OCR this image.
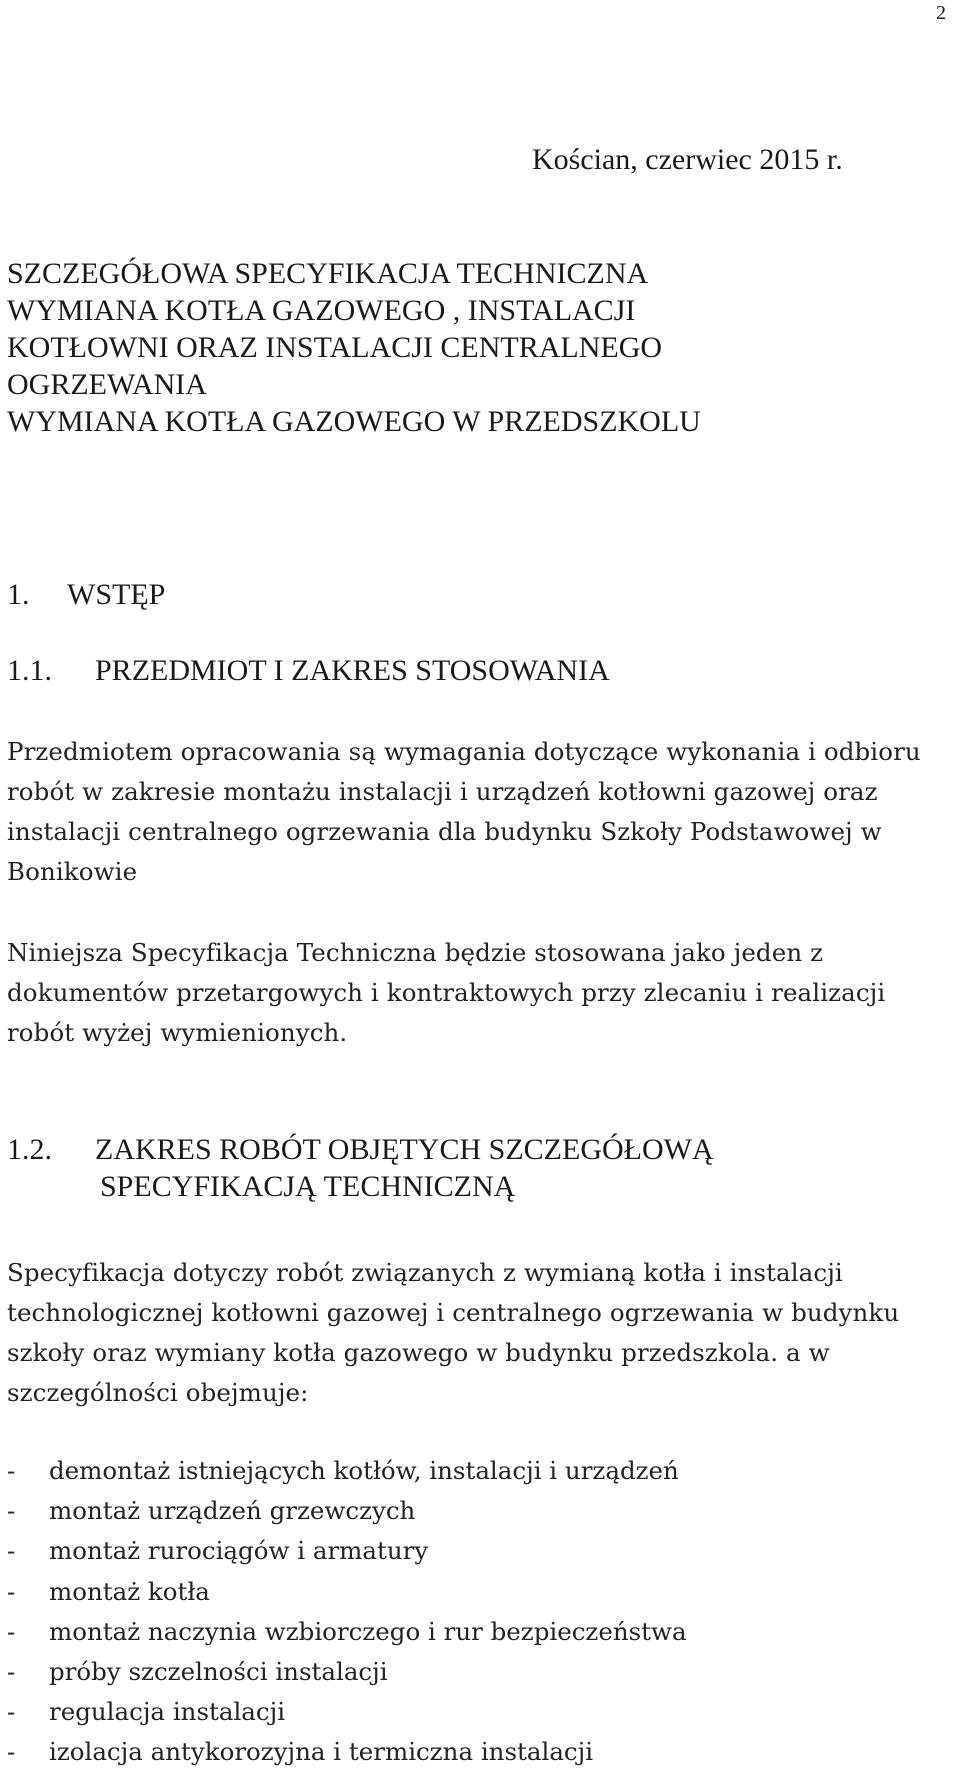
2
Kościan, czerwiec 2015 r.
SZCZEGÓŁOWA SPECYFIKACJA TECHNICZNA
WYMIANA KOTŁA GAZOWEGO , INSTALACJI
KOTŁOWNI ORAZ INSTALACJI CENTRALNEGO
OGRZEWANIA
WYMIANA KOTŁA GAZOWEGO W PRZEDSZKOLU
1. WSTĘP
1.1. PRZEDMIOT I ZAKRES STOSOWANIA
Przedmiotem opracowania są wymagania dotyczące wykonania i odbioru robót w zakresie montażu instalacji i urządzeń kotłowni gazowej oraz instalacji centralnego ogrzewania dla budynku Szkoły Podstawowej w Bonikowie
Niniejsza Specyfikacja Techniczna będzie stosowana jako jeden z dokumentów przetargowych i kontraktowych przy zlecaniu i realizacji robót wyżej wymienionych.
1.2. ZAKRES ROBÓT OBJĘTYCH SZCZEGÓŁOWĄ
SPECYFIKACJĄ TECHNICZNĄ
Specyfikacja dotyczy robót związanych z wymianą kotła i instalacji technologicznej kotłowni gazowej i centralnego ogrzewania w budynku szkoły oraz wymiany kotła gazowego w budynku przedszkola. a w szczególności obejmuje:
- demontaż istniejących kotłów, instalacji i urządzeń
- montaż urządzeń grzewczych
- montaż rurociągów i armatury
- montaż kotła
- montaż naczynia wzbiorczego i rur bezpieczeństwa
- próby szczelności instalacji
- regulacja instalacji
- izolacja antykorozyjna i termiczna instalacji
